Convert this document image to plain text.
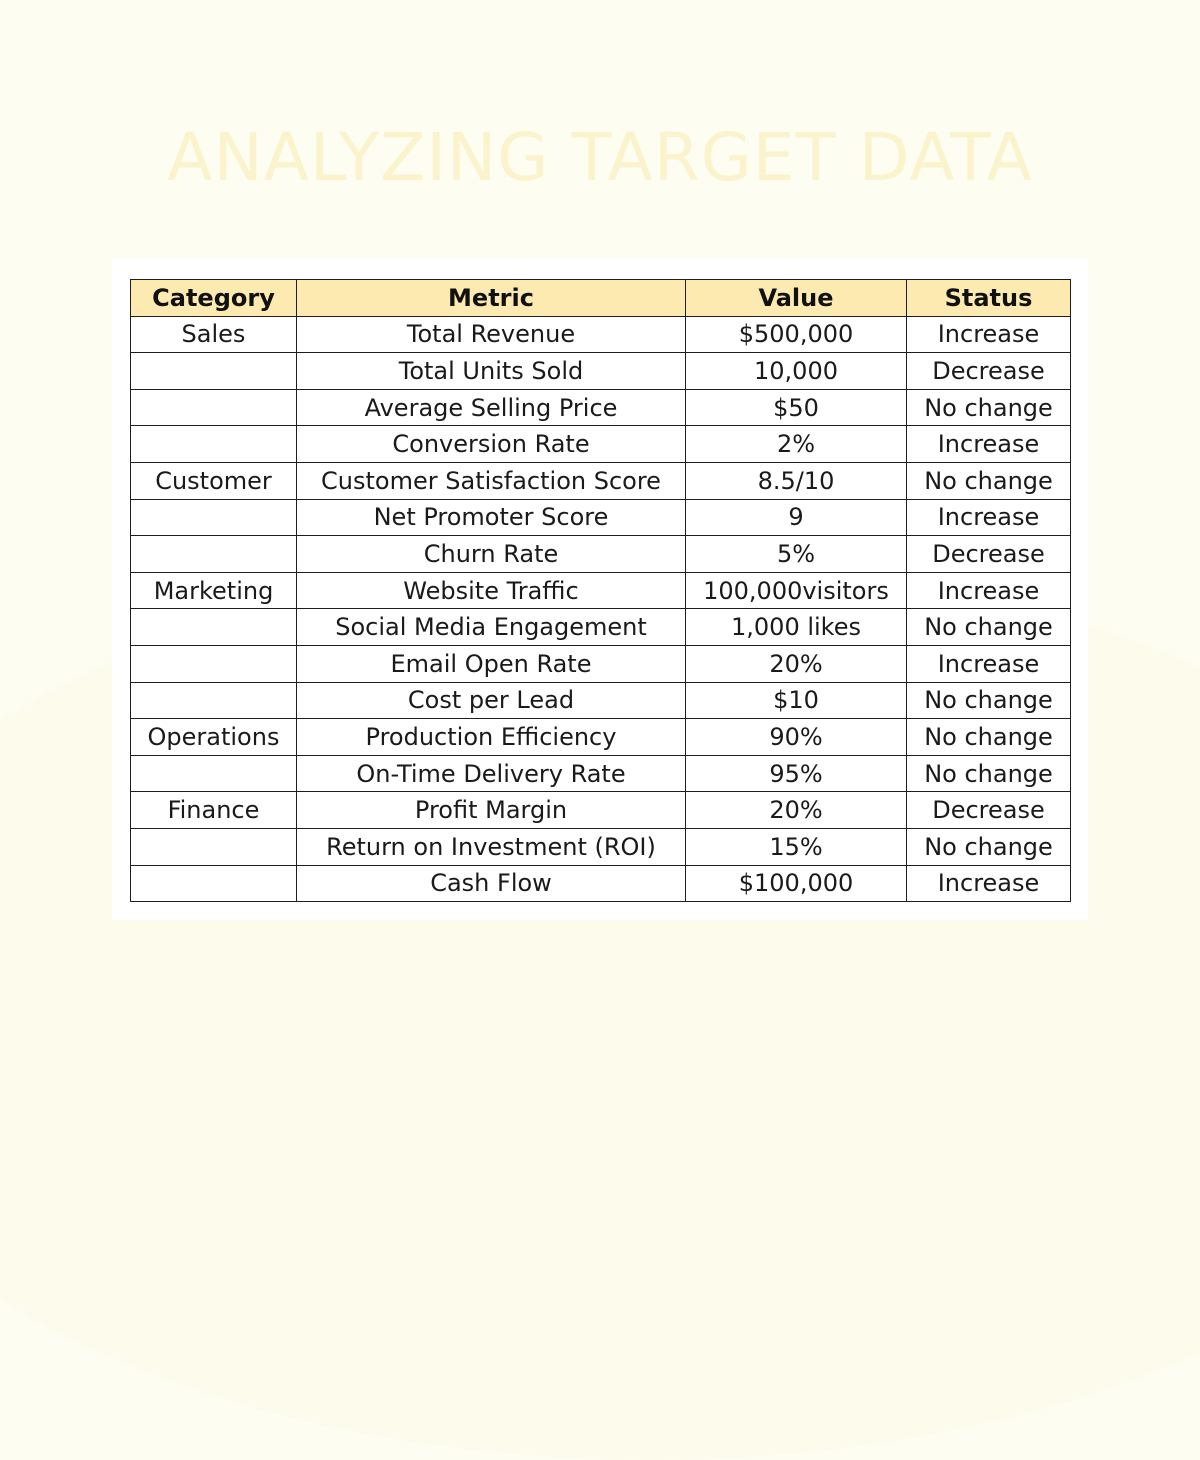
ANALYZING TARGET DATA
Category	Metric	Value	Status
Sales	Total Revenue	$500,000	Increase
	Total Units Sold	10,000	Decrease
	Average Selling Price	$50	No change
	Conversion Rate	2%	Increase
Customer	Customer Satisfaction Score	8.5/10	No change
	Net Promoter Score	9	Increase
	Churn Rate	5%	Decrease
Marketing	Website Traffic	100,000visitors	Increase
	Social Media Engagement	1,000 likes	No change
	Email Open Rate	20%	Increase
	Cost per Lead	$10	No change
Operations	Production Efficiency	90%	No change
	On-Time Delivery Rate	95%	No change
Finance	Profit Margin	20%	Decrease
	Return on Investment (ROI)	15%	No change
	Cash Flow	$100,000	Increase
